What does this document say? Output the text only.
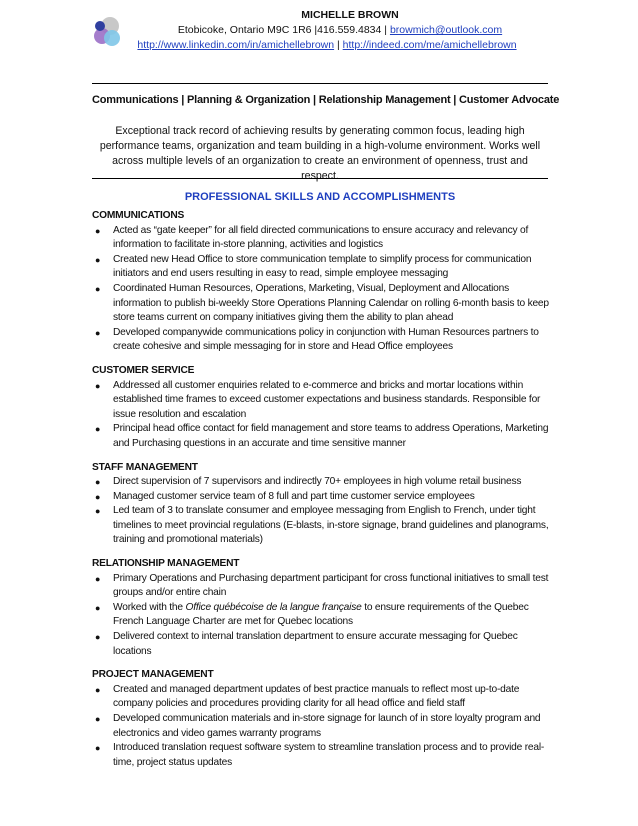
MICHELLE BROWN
Etobicoke, Ontario M9C 1R6 |416.559.4834 | browmich@outlook.com
http://www.linkedin.com/in/amichellebrown | http://indeed.com/me/amichellebrown
Communications | Planning & Organization | Relationship Management | Customer Advocate
Exceptional track record of achieving results by generating common focus, leading high performance teams, organization and team building in a high-volume environment. Works well across multiple levels of an organization to create an environment of openness, trust and respect.
PROFESSIONAL SKILLS AND ACCOMPLISHMENTS
COMMUNICATIONS
● Acted as “gate keeper” for all field directed communications to ensure accuracy and relevancy of information to facilitate in-store planning, activities and logistics
● Created new Head Office to store communication template to simplify process for communication initiators and end users resulting in easy to read, simple employee messaging
● Coordinated Human Resources, Operations, Marketing, Visual, Deployment and Allocations information to publish bi-weekly Store Operations Planning Calendar on rolling 6-month basis to keep store teams current on company initiatives giving them the ability to plan ahead
● Developed companywide communications policy in conjunction with Human Resources partners to create cohesive and simple messaging for in store and Head Office employees
CUSTOMER SERVICE
● Addressed all customer enquiries related to e-commerce and bricks and mortar locations within established time frames to exceed customer expectations and business standards. Responsible for issue resolution and escalation
● Principal head office contact for field management and store teams to address Operations, Marketing and Purchasing questions in an accurate and time sensitive manner
STAFF MANAGEMENT
● Direct supervision of 7 supervisors and indirectly 70+ employees in high volume retail business
● Managed customer service team of 8 full and part time customer service employees
● Led team of 3 to translate consumer and employee messaging from English to French, under tight timelines to meet provincial regulations (E-blasts, in-store signage, brand guidelines and planograms, training and promotional materials)
RELATIONSHIP MANAGEMENT
● Primary Operations and Purchasing department participant for cross functional initiatives to small test groups and/or entire chain
● Worked with the Office québécoise de la langue française to ensure requirements of the Quebec French Language Charter are met for Quebec locations
● Delivered context to internal translation department to ensure accurate messaging for Quebec locations
PROJECT MANAGEMENT
● Created and managed department updates of best practice manuals to reflect most up-to-date company policies and procedures providing clarity for all head office and field staff
● Developed communication materials and in-store signage for launch of in store loyalty program and electronics and video games warranty programs
● Introduced translation request software system to streamline translation process and to provide real-time, project status updates
